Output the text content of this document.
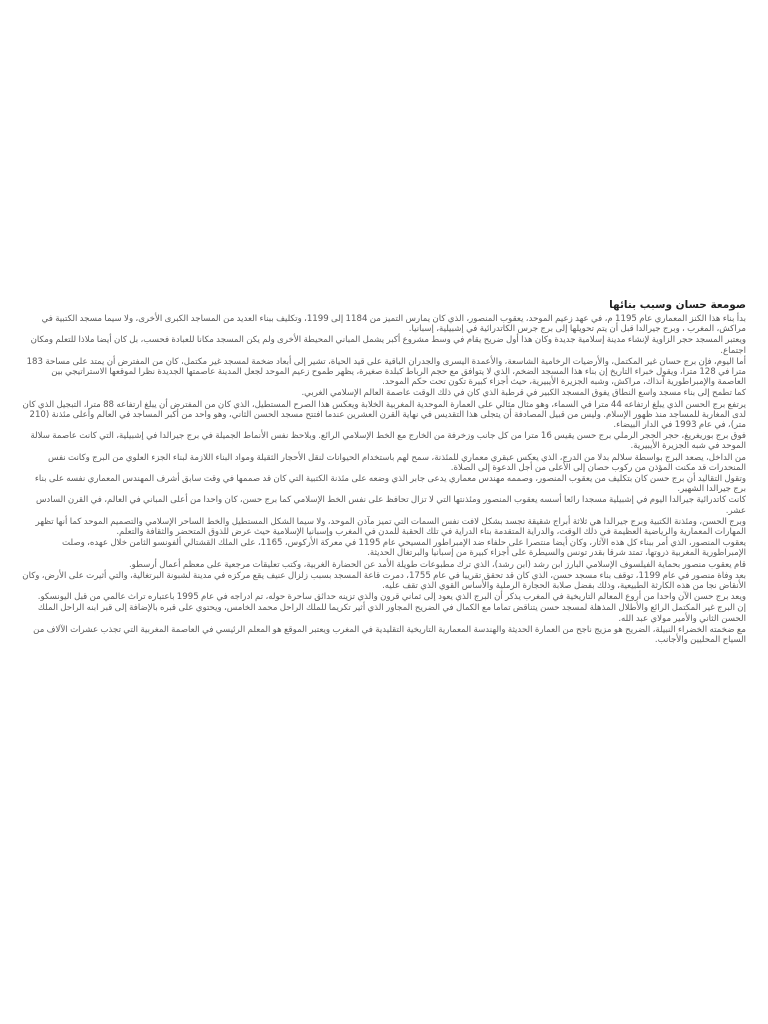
صومعة حسان وسبب بنائها

بدأ بناء هذا الكنز المعماري عام 1195 م، في عهد زعيم الموحد، يعقوب المنصور، الذي كان يمارس التميز من 1184 إلى 1199، وتكليف ببناء العديد من المساجد الكبرى الأخرى، ولا سيما مسجد الكتبية في مراكش، المغرب ، وبرج جيرالدا قبل أن يتم تحويلها إلى برج جرس الكاتدرائية في إشبيلية، إسبانيا.

ويعتبر المسجد حجر الزاوية لإنشاء مدينة إسلامية جديدة وكان هذا أول ضريح يقام في وسط مشروع أكبر يشمل المباني المحيطة الأخرى ولم يكن المسجد مكانا للعبادة فحسب، بل كان أيضا ملاذا للتعلم ومكان اجتماع.

أما اليوم، فإن برج حسان غير المكتمل، والأرضيات الرخامية الشاسعة، والأعمدة اليسرى والجدران الباقية على قيد الحياة، تشير إلى أبعاد ضخمة لمسجد غير مكتمل، كان من المفترض أن يمتد على مساحة 183 مترا في 128 مترا، ويقول خبراء التاريخ إن بناء هذا المسجد الضخم، الذي لا يتوافق مع حجم الرباط كبلدة صغيرة، يظهر طموح زعيم الموحد لجعل المدينة عاصمتها الجديدة نظرا لموقعها الاستراتيجي بين العاصمة والإمبراطورية آنذاك، مراكش، وشبه الجزيرة الأيبيرية، حيث أجزاء كبيرة تكون تحت حكم الموحد.

كما تطمح إلى بناء مسجد واسع النطاق يفوق المسجد الكبير في قرطبة الذي كان في ذلك الوقت عاصمة العالم الإسلامي الغربي.

يرتفع برج الحسن الذي يبلغ ارتفاعه 44 مترا في السماء، وهو مثال مثالي على العمارة الموحدية المغربية الخلابة ويعكس هذا الصرح المستطيل، الذي كان من المفترض أن يبلغ ارتفاعه 88 مترا، التبجيل الذي كان لدى المغاربة للمساجد منذ ظهور الإسلام. وليس من قبيل المصادفة أن يتجلى هذا التقديس في نهاية القرن العشرين عندما افتتح مسجد الحسن الثاني، وهو واحد من أكبر المساجد في العالم وأعلى مئذنة (210 متر)، في عام 1993 في الدار البيضاء.

فوق برج بوريغريغ، حجر الحجر الرملي برج حسن يقيس 16 مترا من كل جانب وزخرفة من الخارج مع الخط الإسلامي الرائع. وبلاحظ نفس الأنماط الجميلة في برج جيرالدا في إشبيلية، التي كانت عاصمة سلالة الموحد في شبه الجزيرة الأيبيرية.

من الداخل، يصعد البرج بواسطة سلالم بدلا من الدرج، الذي يعكس عبقري معماري للمئذنة، سمح لهم باستخدام الحيوانات لنقل الأحجار الثقيلة ومواد البناء اللازمة لبناء الجزء العلوي من البرج وكانت نفس المنحدرات قد مكنت المؤذن من ركوب حصان إلى الأعلى من أجل الدعوة إلى الصلاة.

وتقول التقاليد أن برج حسن كان بتكليف من يعقوب المنصور، وصممه مهندس معماري يدعى جابر الذي وضعه على مئذنة الكتبية التي كان قد صممها في وقت سابق أشرف المهندس المعماري نفسه على بناء برج جيرالدا الشهير.

كانت كاتدرائية جيرالدا اليوم في إشبيلية مسجدا رائعا أسسه يعقوب المنصور ومئذنتها التي لا تزال تحافظ على نفس الخط الإسلامي كما برج حسن، كان واحدا من أعلى المباني في العالم، في القرن السادس عشر.

وبرج الحسن، ومئذنة الكتبية وبرج جيرالدا هي ثلاثة أبراج شقيقة تجسد بشكل لافت نفس السمات التي تميز مآذن الموحد، ولا سيما الشكل المستطيل والخط الساحر الإسلامي والتصميم الموحد كما أنها تظهر المهارات المعمارية والرياضية العظيمة في ذلك الوقت، والدراية المتقدمة بناء الدراية في تلك الحقبة للمدن في المغرب وإسبانيا الإسلامية حيث عرض للذوق المتحضر والثقافة والتعلم.

يعقوب المنصور، الذي أمر ببناء كل هذه الآثار، وكان أيضا منتصرا على حلفاء ضد الإمبراطور المسيحي عام 1195 في معركة الأركوس، 1165، على الملك القشتالي ألفونسو الثامن خلال عهده، وصلت الإمبراطورية المغربية ذروتها، تمتد شرقا بقدر تونس والسيطرة على أجزاء كبيرة من إسبانيا والبرتغال الحديثة.

قام يعقوب منصور بحماية الفيلسوف الإسلامي البارز ابن رشد (ابن رشد)، الذي ترك مطبوعات طويلة الأمد عن الحضارة الغربية، وكتب تعليقات مرجعية على معظم أعمال أرسطو.

بعد وفاة منصور في عام 1199، توقف بناء مسجد حسن، الذي كان قد تحقق تقريبا في عام 1755، دمرت قاعة المسجد بسبب زلزال عنيف يقع مركزه في مدينة لشبونة البرتغالية، والتي أثيرت على الأرض، وكان الأنقاض نجا من هذه الكارثة الطبيعية، وذلك بفضل صلابة الحجارة الرملية والأساس القوي الذي تقف عليه.

ويعد برج حسن الآن واحدا من أروع المعالم التاريخية في المغرب يذكر أن البرج الذي يعود إلى ثماني قرون والذي تزينه حدائق ساحرة حوله، تم ادراجه في عام 1995 باعتباره تراث عالمي من قبل اليونسكو.

إن البرج غير المكتمل الرائع والأطلال المذهلة لمسجد حسن يتناقض تماما مع الكمال في الضريح المجاور الذي أثير تكريما للملك الراحل محمد الخامس، ويحتوي على قبره بالإضافة إلى قبر ابنه الراحل الملك الحسن الثاني والأمير مولاي عبد الله.

مع ضخمته الخضراء النبيلة، الضريح هو مزيج ناجح من العمارة الحديثة والهندسة المعمارية التاريخية التقليدية في المغرب ويعتبر الموقع هو المعلم الرئيسي في العاصمة المغربية التي تجذب عشرات الآلاف من السياح المحليين والأجانب.
